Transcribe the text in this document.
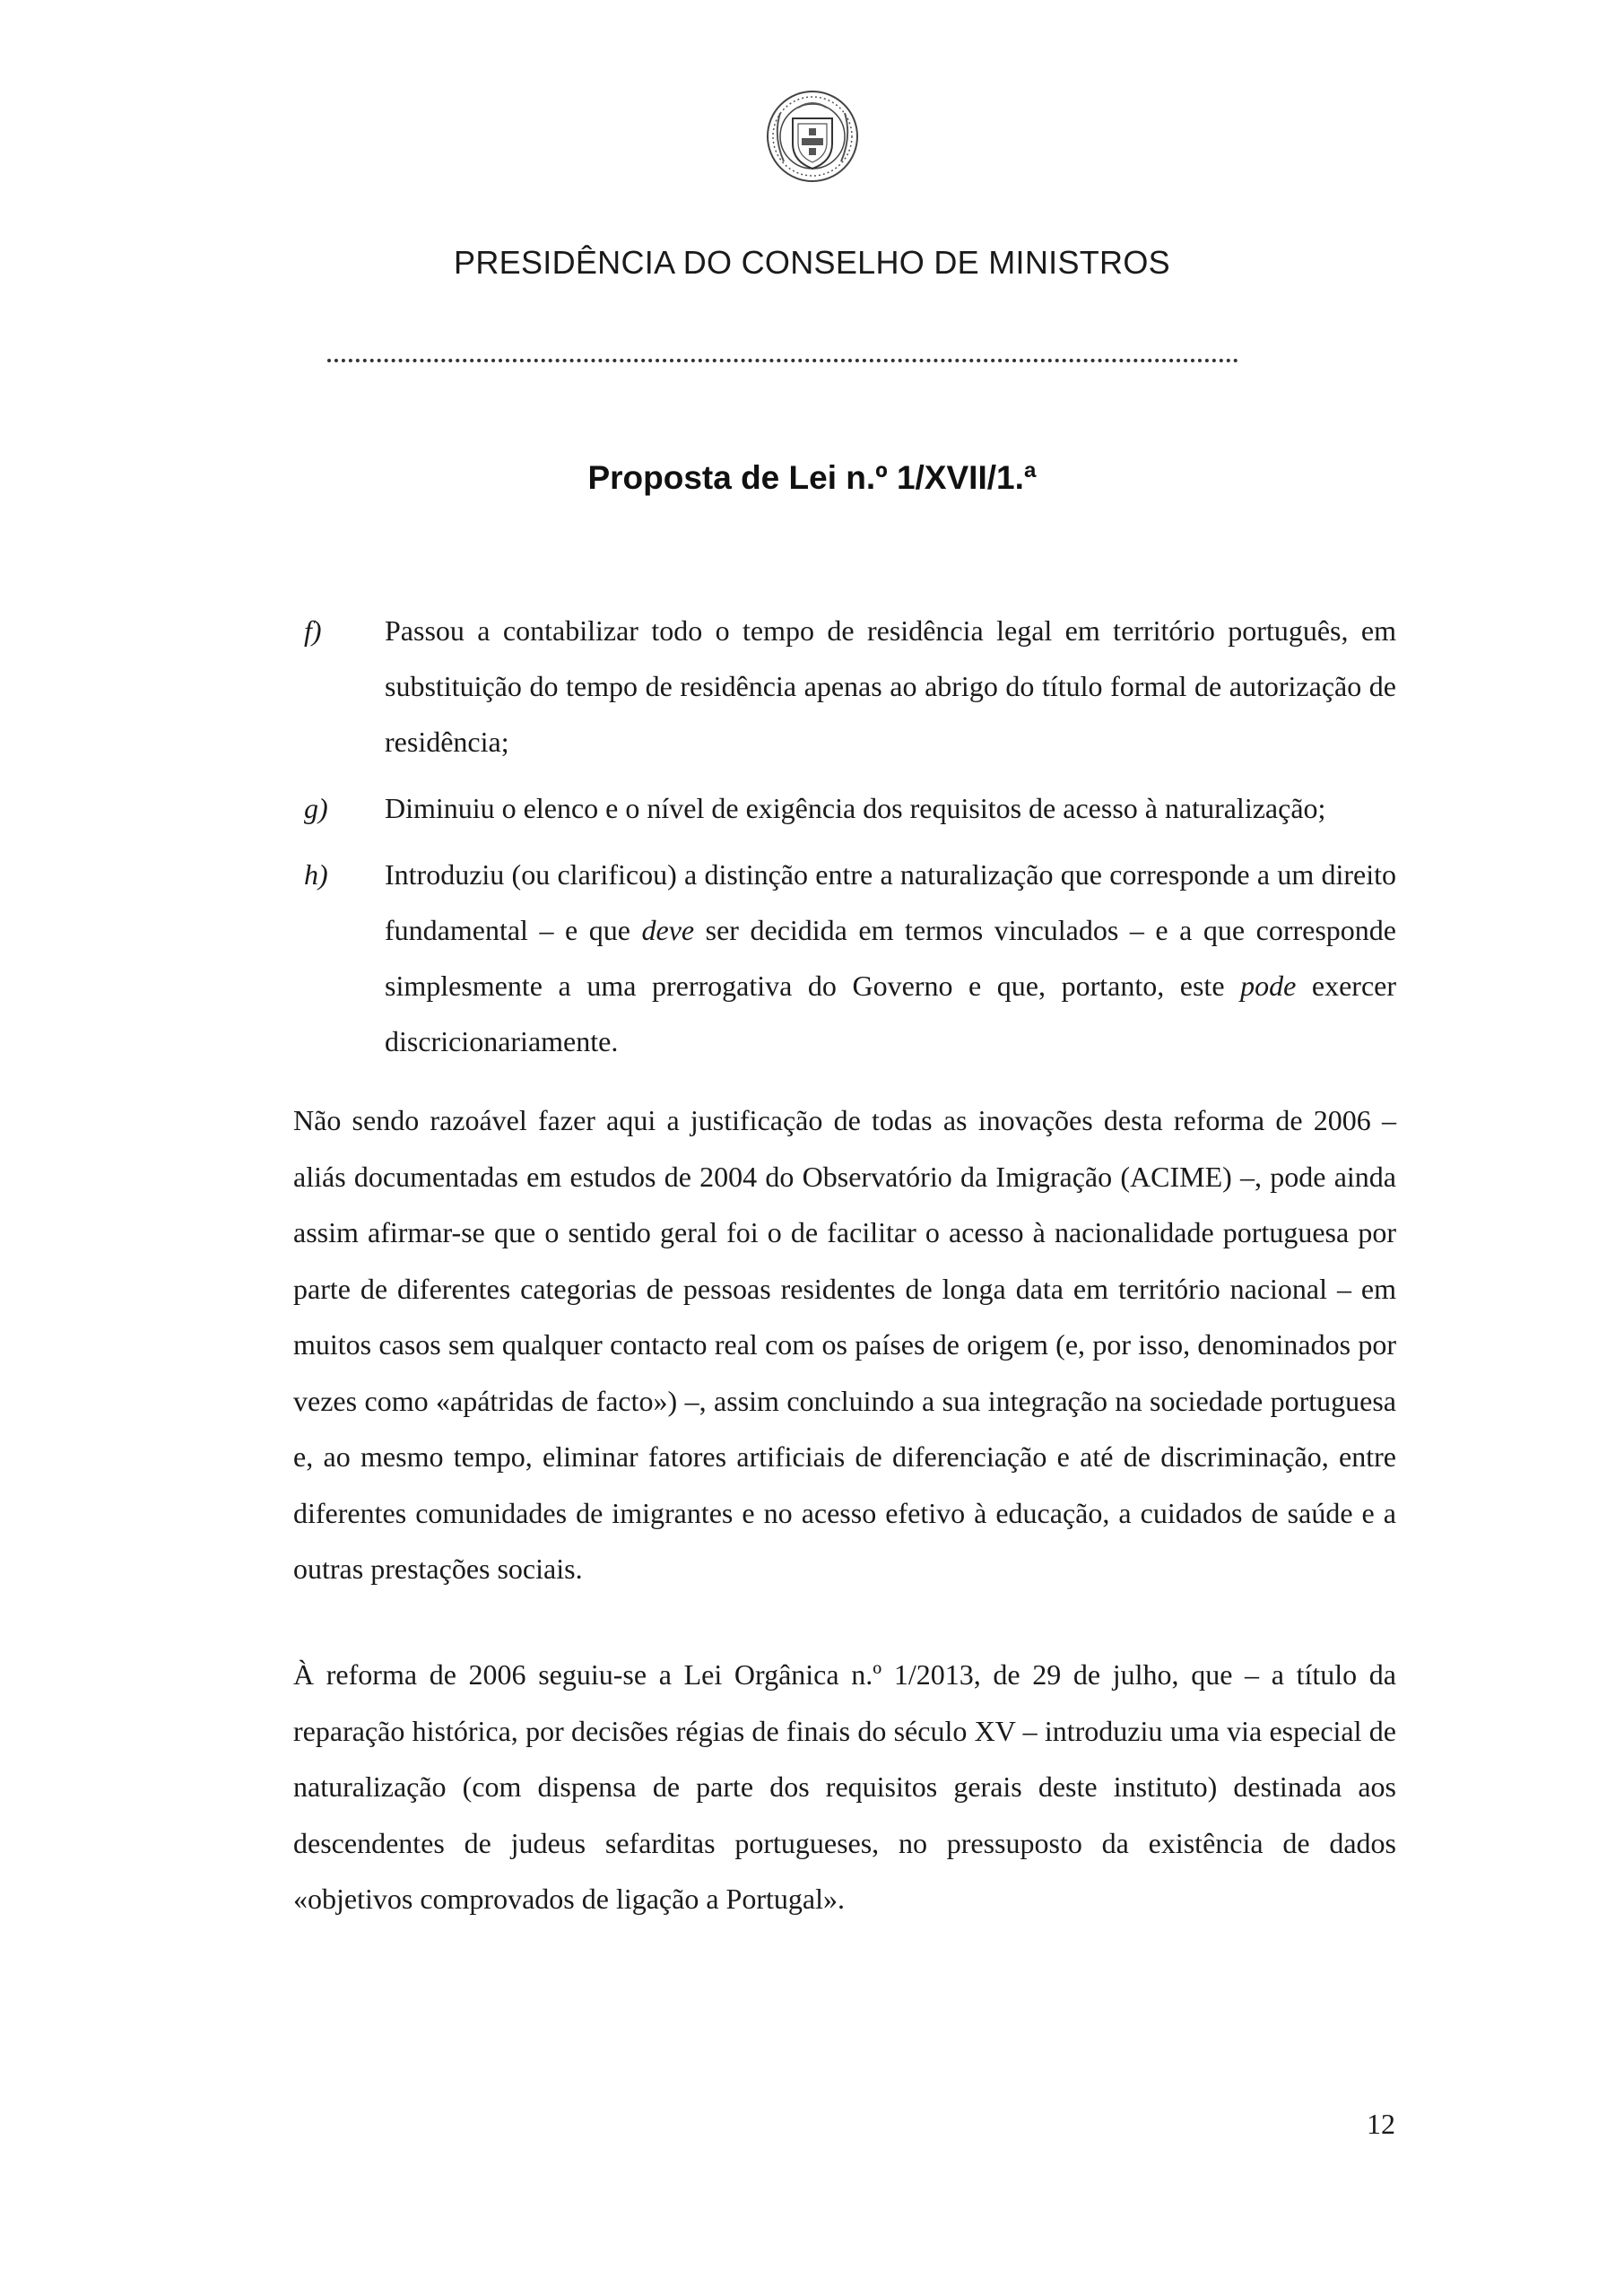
PRESIDÊNCIA DO CONSELHO DE MINISTROS
Proposta de Lei n.º 1/XVII/1.ª
f) Passou a contabilizar todo o tempo de residência legal em território português, em substituição do tempo de residência apenas ao abrigo do título formal de autorização de residência;
g) Diminuiu o elenco e o nível de exigência dos requisitos de acesso à naturalização;
h) Introduziu (ou clarificou) a distinção entre a naturalização que corresponde a um direito fundamental – e que deve ser decidida em termos vinculados – e a que corresponde simplesmente a uma prerrogativa do Governo e que, portanto, este pode exercer discricionariamente.

Não sendo razoável fazer aqui a justificação de todas as inovações desta reforma de 2006 – aliás documentadas em estudos de 2004 do Observatório da Imigração (ACIME) –, pode ainda assim afirmar-se que o sentido geral foi o de facilitar o acesso à nacionalidade portuguesa por parte de diferentes categorias de pessoas residentes de longa data em território nacional – em muitos casos sem qualquer contacto real com os países de origem (e, por isso, denominados por vezes como «apátridas de facto») –, assim concluindo a sua integração na sociedade portuguesa e, ao mesmo tempo, eliminar fatores artificiais de diferenciação e até de discriminação, entre diferentes comunidades de imigrantes e no acesso efetivo à educação, a cuidados de saúde e a outras prestações sociais.

À reforma de 2006 seguiu-se a Lei Orgânica n.º 1/2013, de 29 de julho, que – a título da reparação histórica, por decisões régias de finais do século XV – introduziu uma via especial de naturalização (com dispensa de parte dos requisitos gerais deste instituto) destinada aos descendentes de judeus sefarditas portugueses, no pressuposto da existência de dados «objetivos comprovados de ligação a Portugal».

12
